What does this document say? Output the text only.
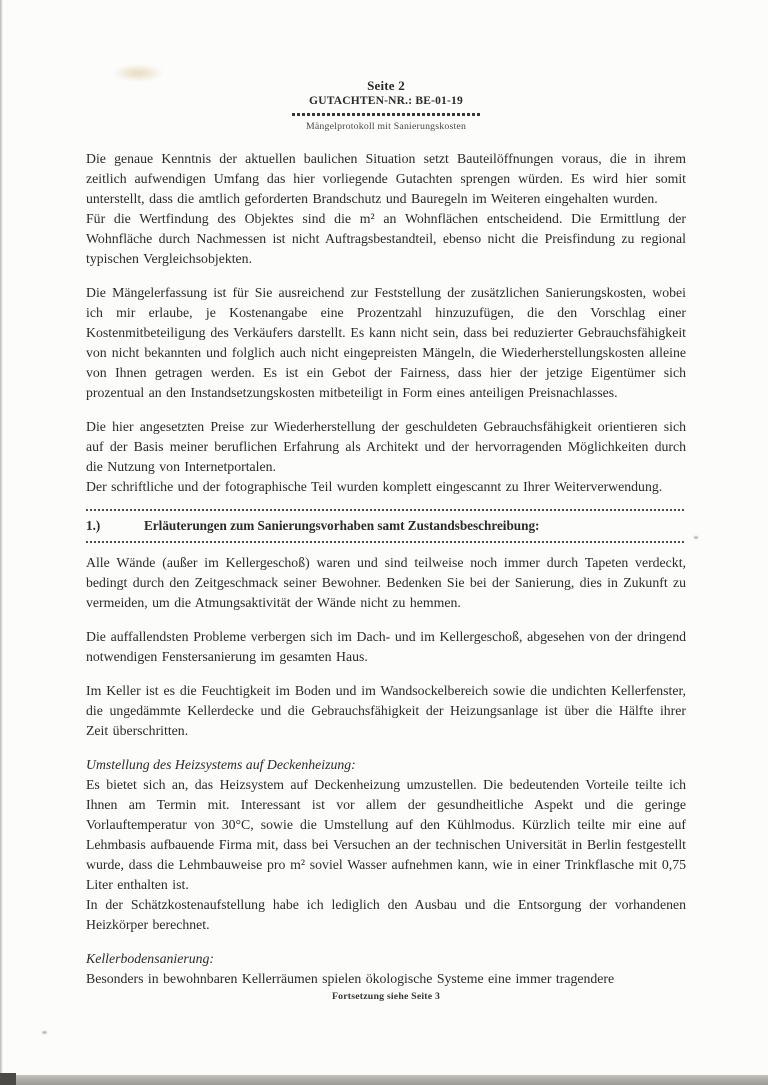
Seite 2
GUTACHTEN-NR.: BE-01-19
Mängelprotokoll mit Sanierungskosten

Die genaue Kenntnis der aktuellen baulichen Situation setzt Bauteilöffnungen voraus, die in ihrem zeitlich aufwendigen Umfang das hier vorliegende Gutachten sprengen würden. Es wird hier somit unterstellt, dass die amtlich geforderten Brandschutz und Bauregeln im Weiteren eingehalten wurden.

Für die Wertfindung des Objektes sind die m² an Wohnflächen entscheidend. Die Ermittlung der Wohnfläche durch Nachmessen ist nicht Auftragsbestandteil, ebenso nicht die Preisfindung zu regional typischen Vergleichsobjekten.

Die Mängelerfassung ist für Sie ausreichend zur Feststellung der zusätzlichen Sanierungskosten, wobei ich mir erlaube, je Kostenangabe eine Prozentzahl hinzuzufügen, die den Vorschlag einer Kostenmitbeteiligung des Verkäufers darstellt. Es kann nicht sein, dass bei reduzierter Gebrauchsfähigkeit von nicht bekannten und folglich auch nicht eingepreisten Mängeln, die Wiederherstellungskosten alleine von Ihnen getragen werden. Es ist ein Gebot der Fairness, dass hier der jetzige Eigentümer sich prozentual an den Instandsetzungskosten mitbeteiligt in Form eines anteiligen Preisnachlasses.

Die hier angesetzten Preise zur Wiederherstellung der geschuldeten Gebrauchsfähigkeit orientieren sich auf der Basis meiner beruflichen Erfahrung als Architekt und der hervorragenden Möglichkeiten durch die Nutzung von Internetportalen.

Der schriftliche und der fotographische Teil wurden komplett eingescannt zu Ihrer Weiterverwendung.

1.)	Erläuterungen zum Sanierungsvorhaben samt Zustandsbeschreibung:

Alle Wände (außer im Kellergeschoß) waren und sind teilweise noch immer durch Tapeten verdeckt, bedingt durch den Zeitgeschmack seiner Bewohner. Bedenken Sie bei der Sanierung, dies in Zukunft zu vermeiden, um die Atmungsaktivität der Wände nicht zu hemmen.

Die auffallendsten Probleme verbergen sich im Dach- und im Kellergeschoß, abgesehen von der dringend notwendigen Fenstersanierung im gesamten Haus.

Im Keller ist es die Feuchtigkeit im Boden und im Wandsockelbereich sowie die undichten Kellerfenster, die ungedämmte Kellerdecke und die Gebrauchsfähigkeit der Heizungsanlage ist über die Hälfte ihrer Zeit überschritten.

Umstellung des Heizsystems auf Deckenheizung:

Es bietet sich an, das Heizsystem auf Deckenheizung umzustellen. Die bedeutenden Vorteile teilte ich Ihnen am Termin mit. Interessant ist vor allem der gesundheitliche Aspekt und die geringe Vorlauftemperatur von 30°C, sowie die Umstellung auf den Kühlmodus. Kürzlich teilte mir eine auf Lehmbasis aufbauende Firma mit, dass bei Versuchen an der technischen Universität in Berlin festgestellt wurde, dass die Lehmbauweise pro m² soviel Wasser aufnehmen kann, wie in einer Trinkflasche mit 0,75 Liter enthalten ist.

In der Schätzkostenaufstellung habe ich lediglich den Ausbau und die Entsorgung der vorhandenen Heizkörper berechnet.

Kellerbodensanierung:

Besonders in bewohnbaren Kellerräumen spielen ökologische Systeme eine immer tragendere

Fortsetzung siehe Seite 3
